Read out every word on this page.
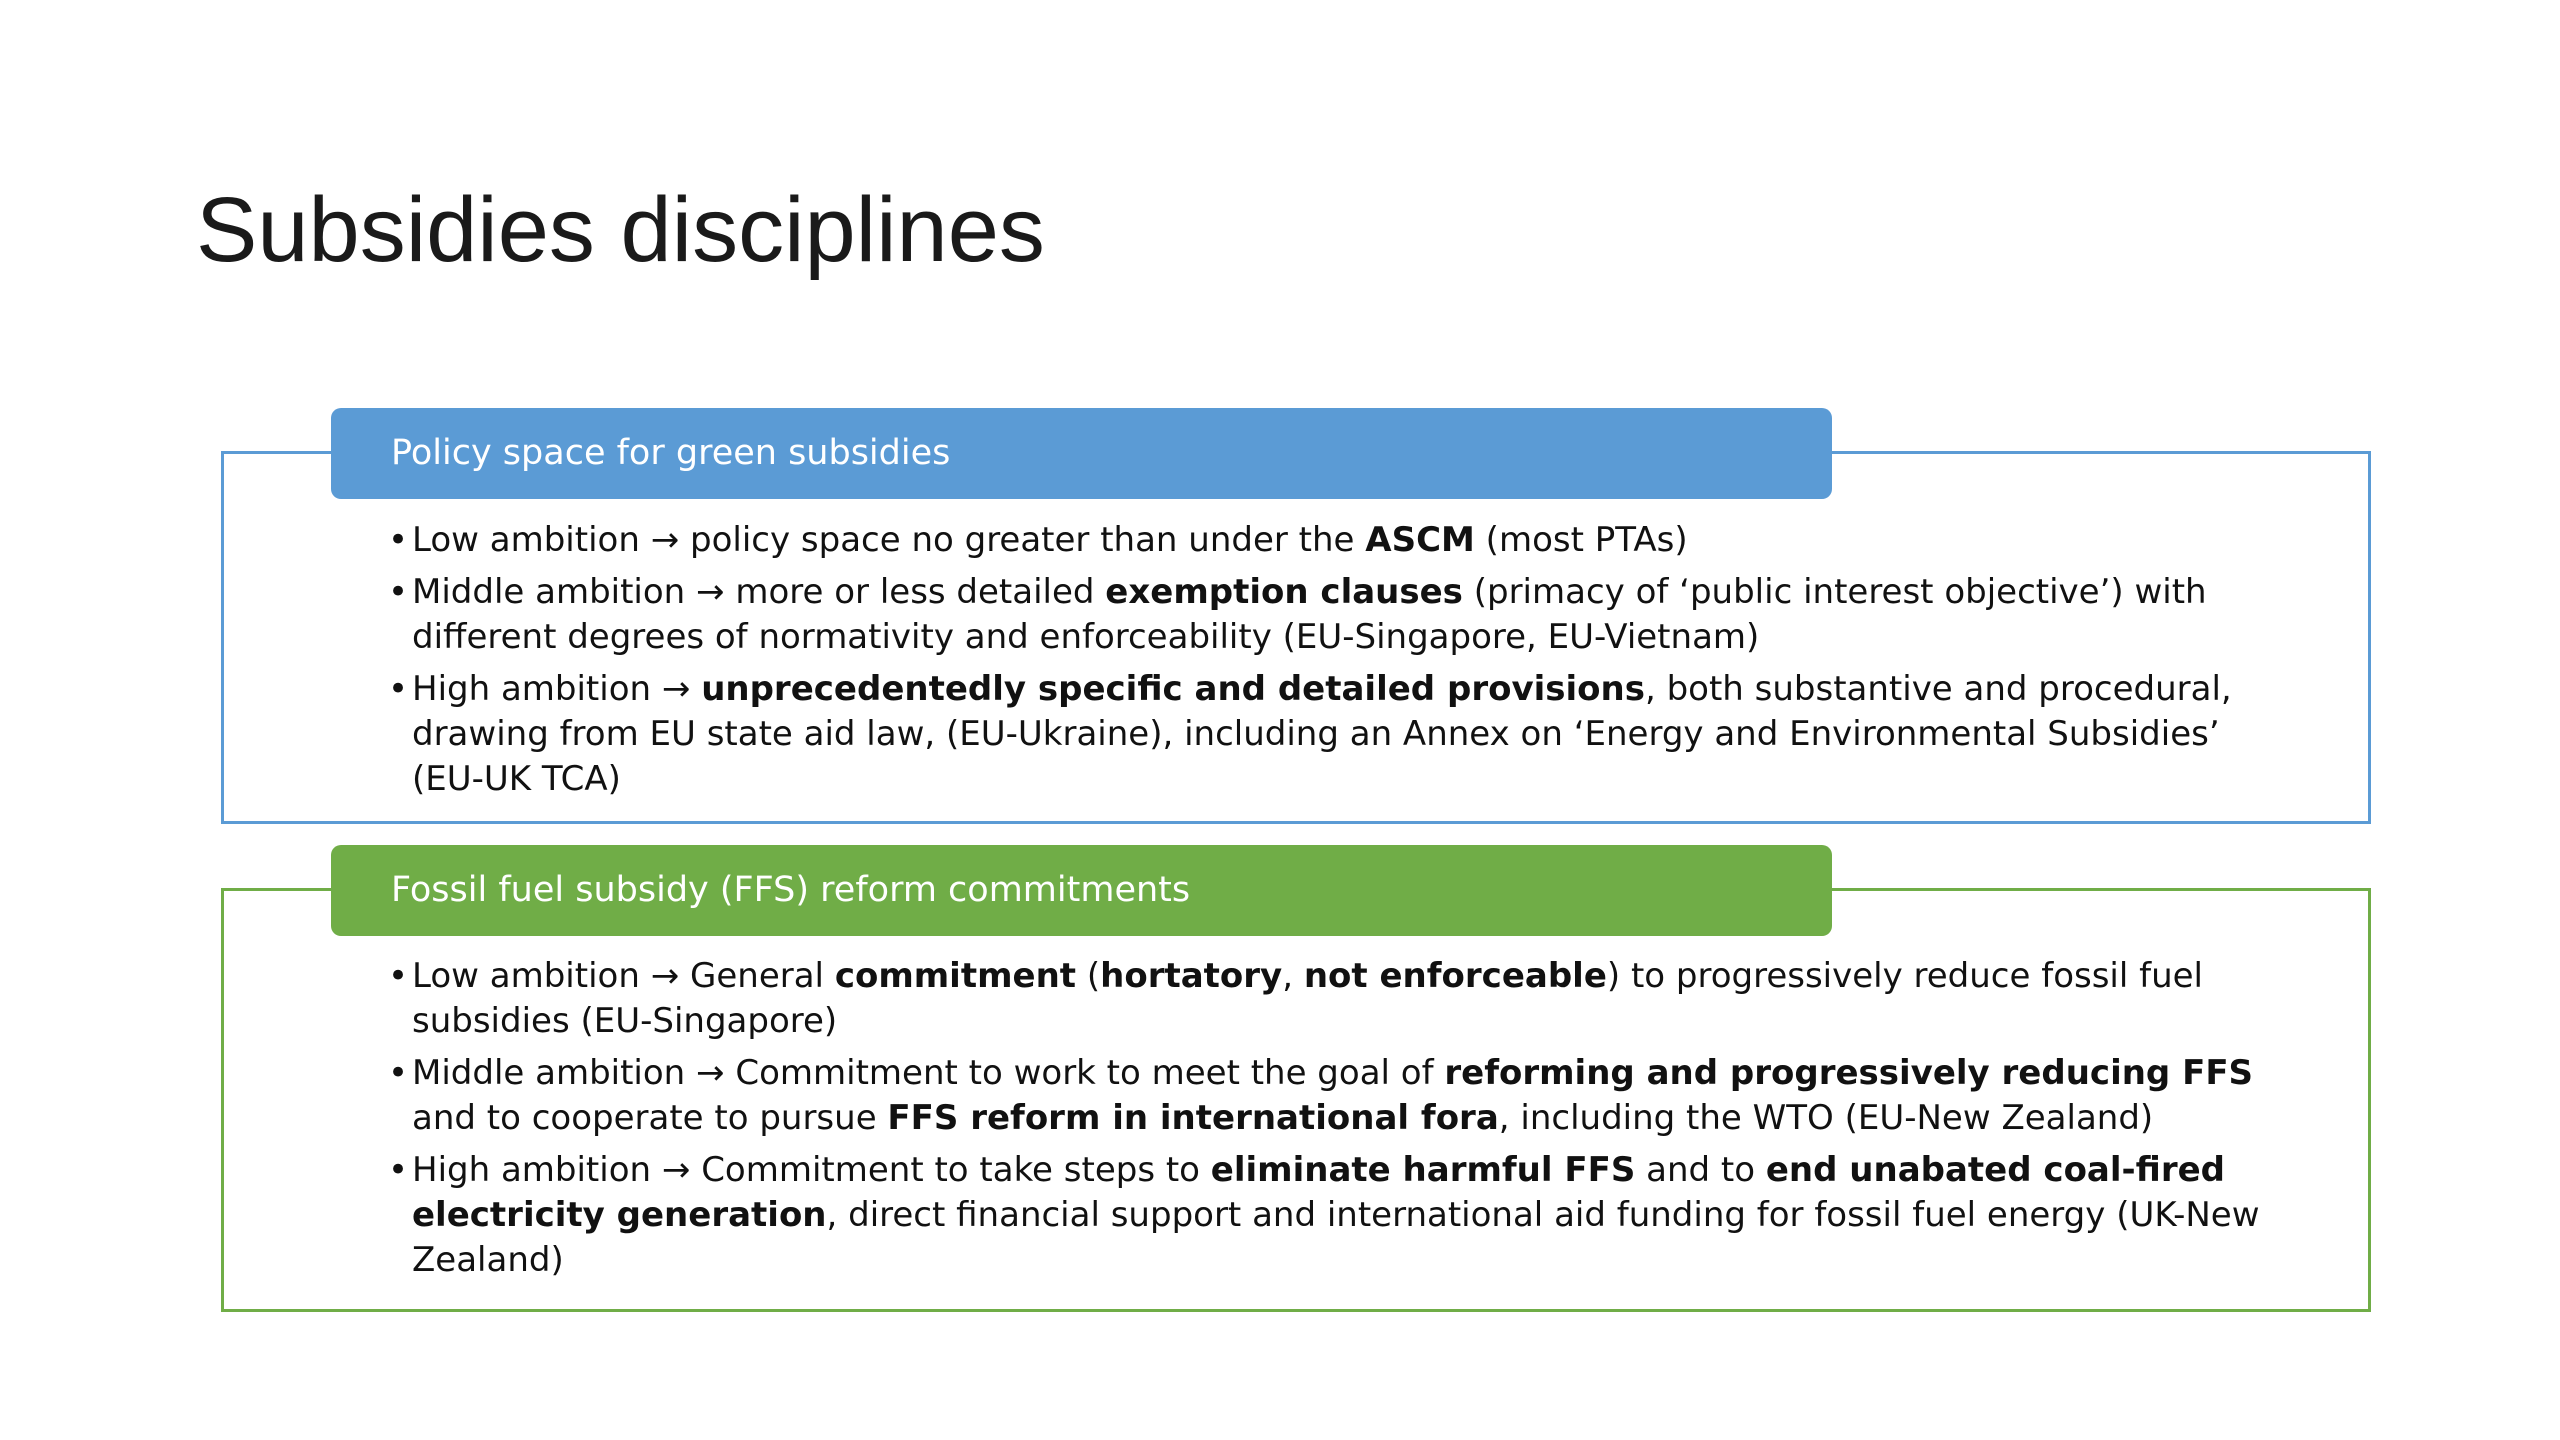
Subsidies disciplines
Policy space for green subsidies
• Low ambition → policy space no greater than under the ASCM (most PTAs)
• Middle ambition → more or less detailed exemption clauses (primacy of ‘public interest objective’) with different degrees of normativity and enforceability (EU-Singapore, EU-Vietnam)
• High ambition → unprecedentedly specific and detailed provisions, both substantive and procedural, drawing from EU state aid law, (EU-Ukraine), including an Annex on ‘Energy and Environmental Subsidies’ (EU-UK TCA)
Fossil fuel subsidy (FFS) reform commitments
• Low ambition → General commitment (hortatory, not enforceable) to progressively reduce fossil fuel subsidies (EU-Singapore)
• Middle ambition → Commitment to work to meet the goal of reforming and progressively reducing FFS and to cooperate to pursue FFS reform in international fora, including the WTO (EU-New Zealand)
• High ambition → Commitment to take steps to eliminate harmful FFS and to end unabated coal-fired electricity generation, direct financial support and international aid funding for fossil fuel energy (UK-New Zealand)
